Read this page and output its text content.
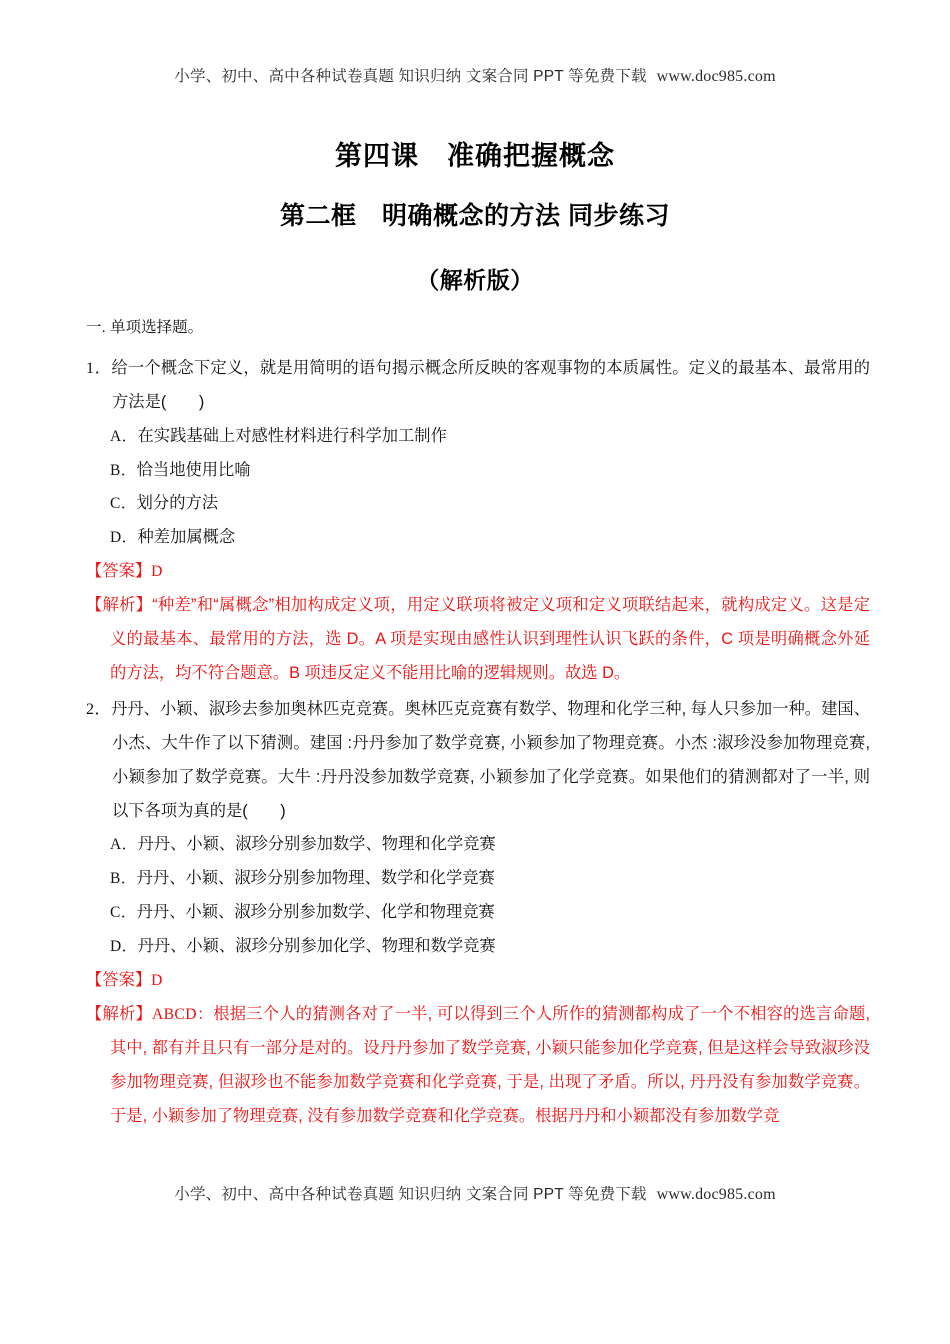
小学、初中、高中各种试卷真题 知识归纳 文案合同 PPT 等免费下载 www.doc985.com
第四课　准确把握概念
第二框　明确概念的方法 同步练习
（解析版）
一. 单项选择题。

1．给一个概念下定义，就是用简明的语句揭示概念所反映的客观事物的本质属性。定义的最基本、最常用的方法是(　　)

A．在实践基础上对感性材料进行科学加工制作
B．恰当地使用比喻
C．划分的方法
D．种差加属概念

【答案】D

【解析】“种差”和“属概念”相加构成定义项，用定义联项将被定义项和定义项联结起来，就构成定义。这是定义的最基本、最常用的方法，选 D。A 项是实现由感性认识到理性认识飞跃的条件，C 项是明确概念外延的方法，均不符合题意。B 项违反定义不能用比喻的逻辑规则。故选 D。

2．丹丹、小颖、淑珍去参加奥林匹克竞赛。奥林匹克竞赛有数学、物理和化学三种, 每人只参加一种。建国、小杰、大牛作了以下猜测。建国 :丹丹参加了数学竞赛, 小颖参加了物理竞赛。小杰 :淑珍没参加物理竞赛, 小颖参加了数学竞赛。大牛 :丹丹没参加数学竞赛, 小颖参加了化学竞赛。如果他们的猜测都对了一半, 则以下各项为真的是(　　)

A．丹丹、小颖、淑珍分别参加数学、物理和化学竞赛
B．丹丹、小颖、淑珍分别参加物理、数学和化学竞赛
C．丹丹、小颖、淑珍分别参加数学、化学和物理竞赛
D．丹丹、小颖、淑珍分别参加化学、物理和数学竞赛

【答案】D

【解析】ABCD：根据三个人的猜测各对了一半, 可以得到三个人所作的猜测都构成了一个不相容的选言命题, 其中, 都有并且只有一部分是对的。设丹丹参加了数学竞赛, 小颖只能参加化学竞赛, 但是这样会导致淑珍没参加物理竞赛, 但淑珍也不能参加数学竞赛和化学竞赛, 于是, 出现了矛盾。所以, 丹丹没有参加数学竞赛。于是, 小颖参加了物理竞赛, 没有参加数学竞赛和化学竞赛。根据丹丹和小颖都没有参加数学竞

小学、初中、高中各种试卷真题 知识归纳 文案合同 PPT 等免费下载 www.doc985.com
